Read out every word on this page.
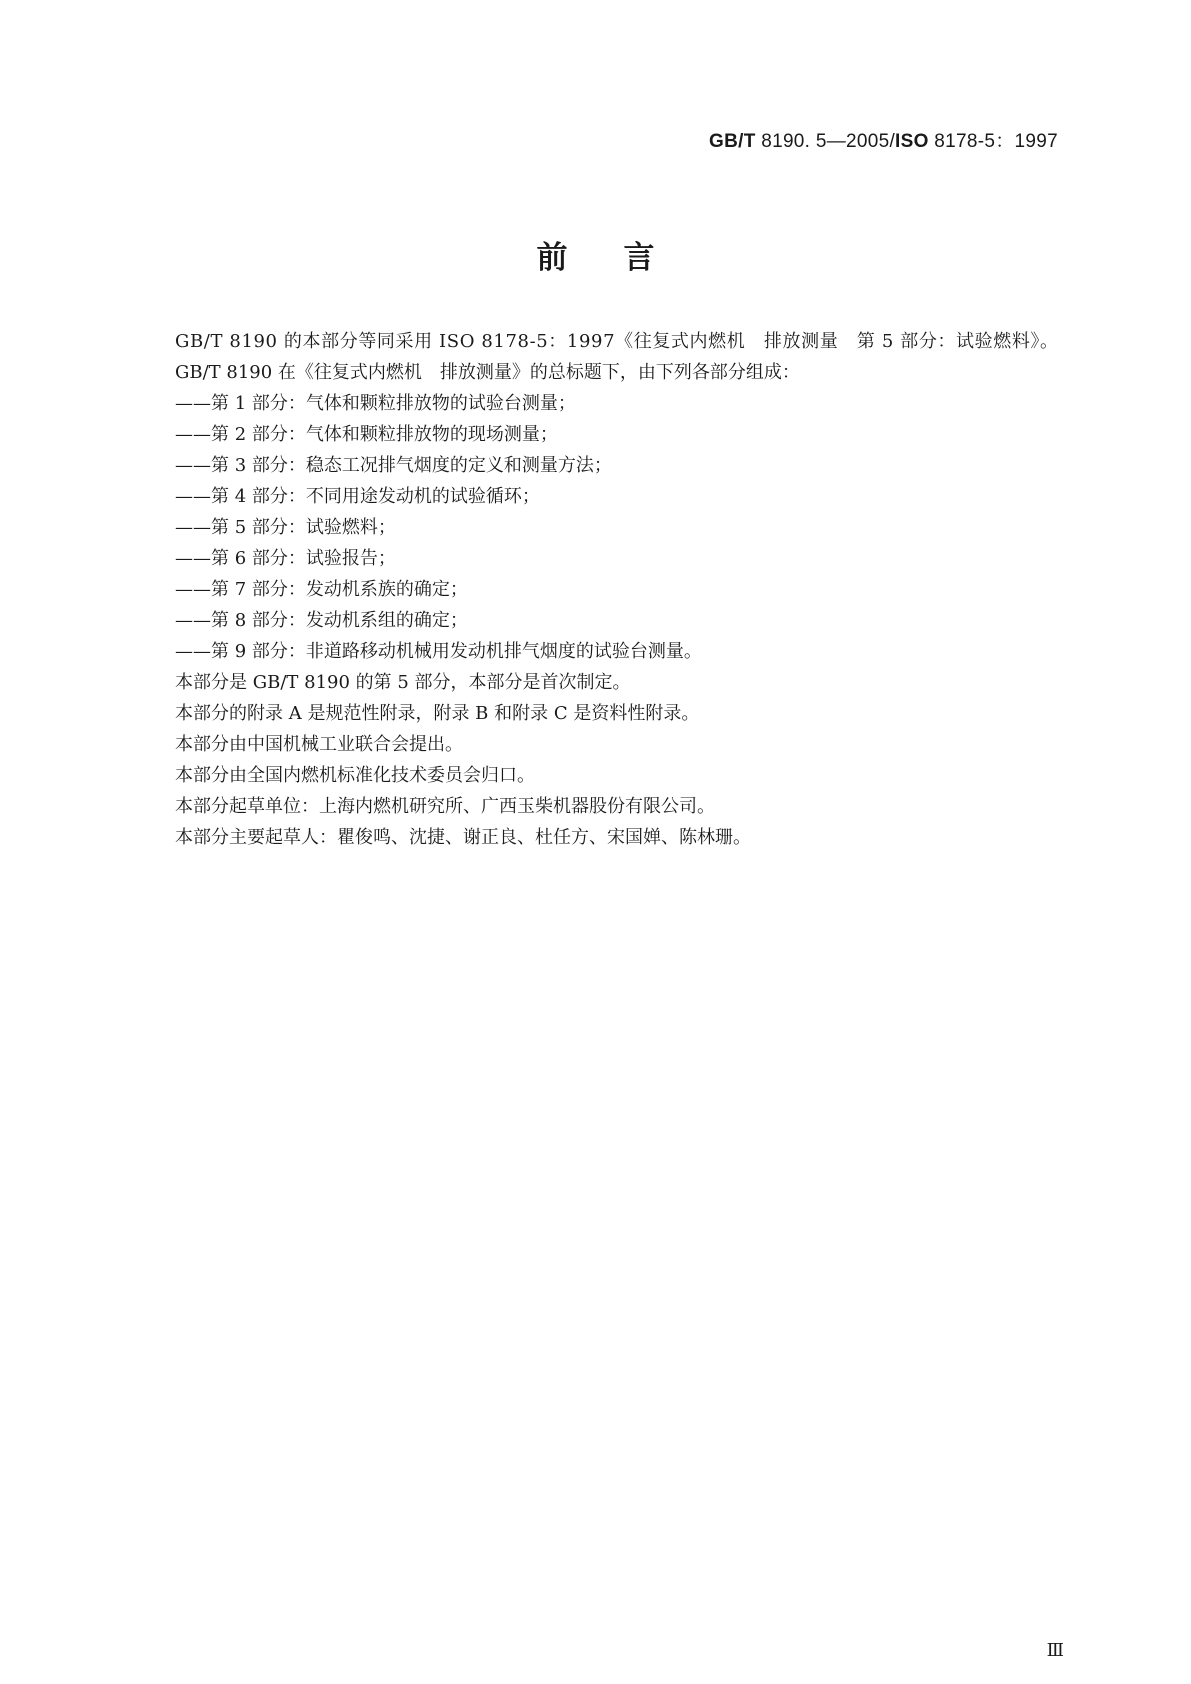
GB/T 8190. 5—2005/ISO 8178-5：1997
前言

GB/T 8190 的本部分等同采用 ISO 8178-5：1997《往复式内燃机　排放测量　第 5 部分：试验燃料》。

GB/T 8190 在《往复式内燃机　排放测量》的总标题下，由下列各部分组成：

——第 1 部分：气体和颗粒排放物的试验台测量；

——第 2 部分：气体和颗粒排放物的现场测量；

——第 3 部分：稳态工况排气烟度的定义和测量方法；

——第 4 部分：不同用途发动机的试验循环；

——第 5 部分：试验燃料；

——第 6 部分：试验报告；

——第 7 部分：发动机系族的确定；

——第 8 部分：发动机系组的确定；

——第 9 部分：非道路移动机械用发动机排气烟度的试验台测量。

本部分是 GB/T 8190 的第 5 部分，本部分是首次制定。

本部分的附录 A 是规范性附录，附录 B 和附录 C 是资料性附录。

本部分由中国机械工业联合会提出。

本部分由全国内燃机标准化技术委员会归口。

本部分起草单位：上海内燃机研究所、广西玉柴机器股份有限公司。

本部分主要起草人：瞿俊鸣、沈捷、谢正良、杜任方、宋国婵、陈林珊。

Ⅲ
